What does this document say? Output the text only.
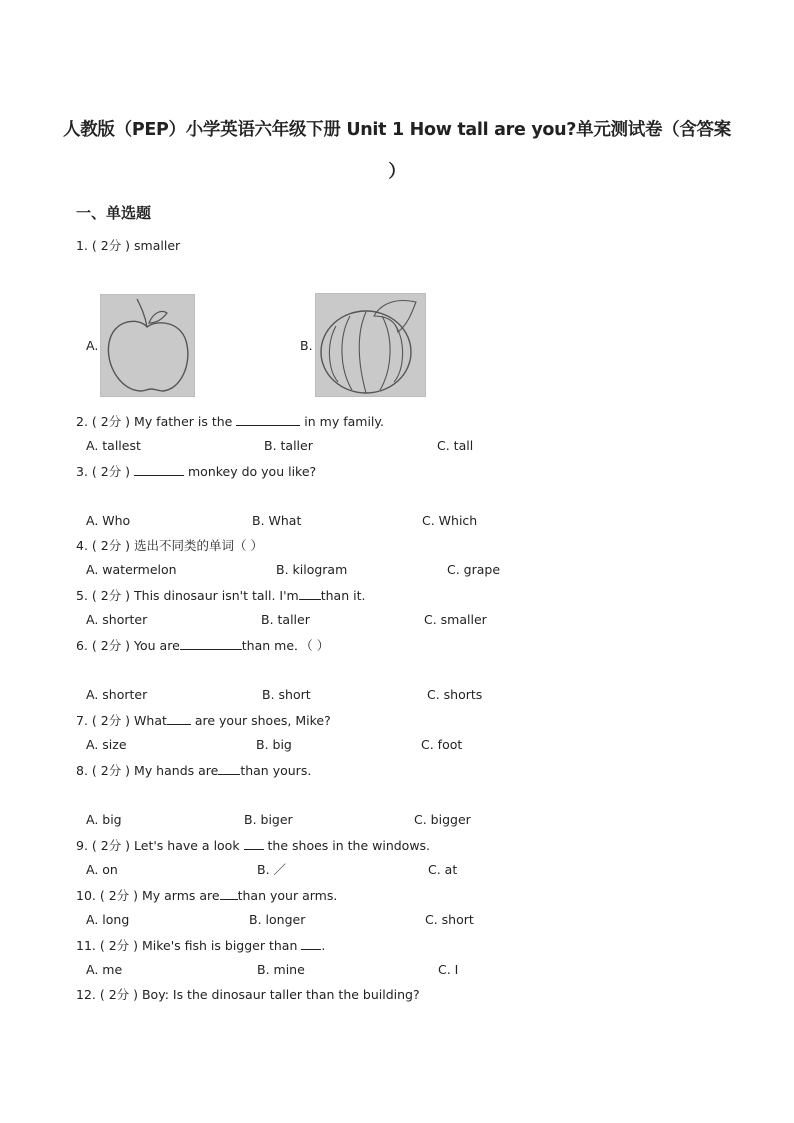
人教版（PEP）小学英语六年级下册 Unit 1 How tall are you?单元测试卷（含答案
）
一、单选题
1. ( 2分 ) smaller
A.	B.
2. ( 2分 ) My father is the	in my family.
A. tallest	B. taller	C. tall
3. ( 2分 )	monkey do you like?
A. Who	B. What	C. Which
4. ( 2分 ) 选出不同类的单词（ ）
A. watermelon	B. kilogram	C. grape
5. ( 2分 ) This dinosaur isn't tall. I'm than it.
A. shorter	B. taller	C. smaller
6. ( 2分 ) You are	than me．（ ）
A. shorter	B. short	C. shorts
7. ( 2分 ) What are your shoes, Mike?
A. size	B. big	C. foot
8. ( 2分 ) My hands are than yours.
A. big	B. biger	C. bigger
9. ( 2分 ) Let's have a look  the shoes in the windows.
A. on	B. ／	C. at
10. ( 2分 ) My arms are than your arms.
A. long	B. longer	C. short
11. ( 2分 ) Mike's fish is bigger than .
A. me	B. mine	C. I
12. ( 2分 ) Boy: Is the dinosaur taller than the building?
